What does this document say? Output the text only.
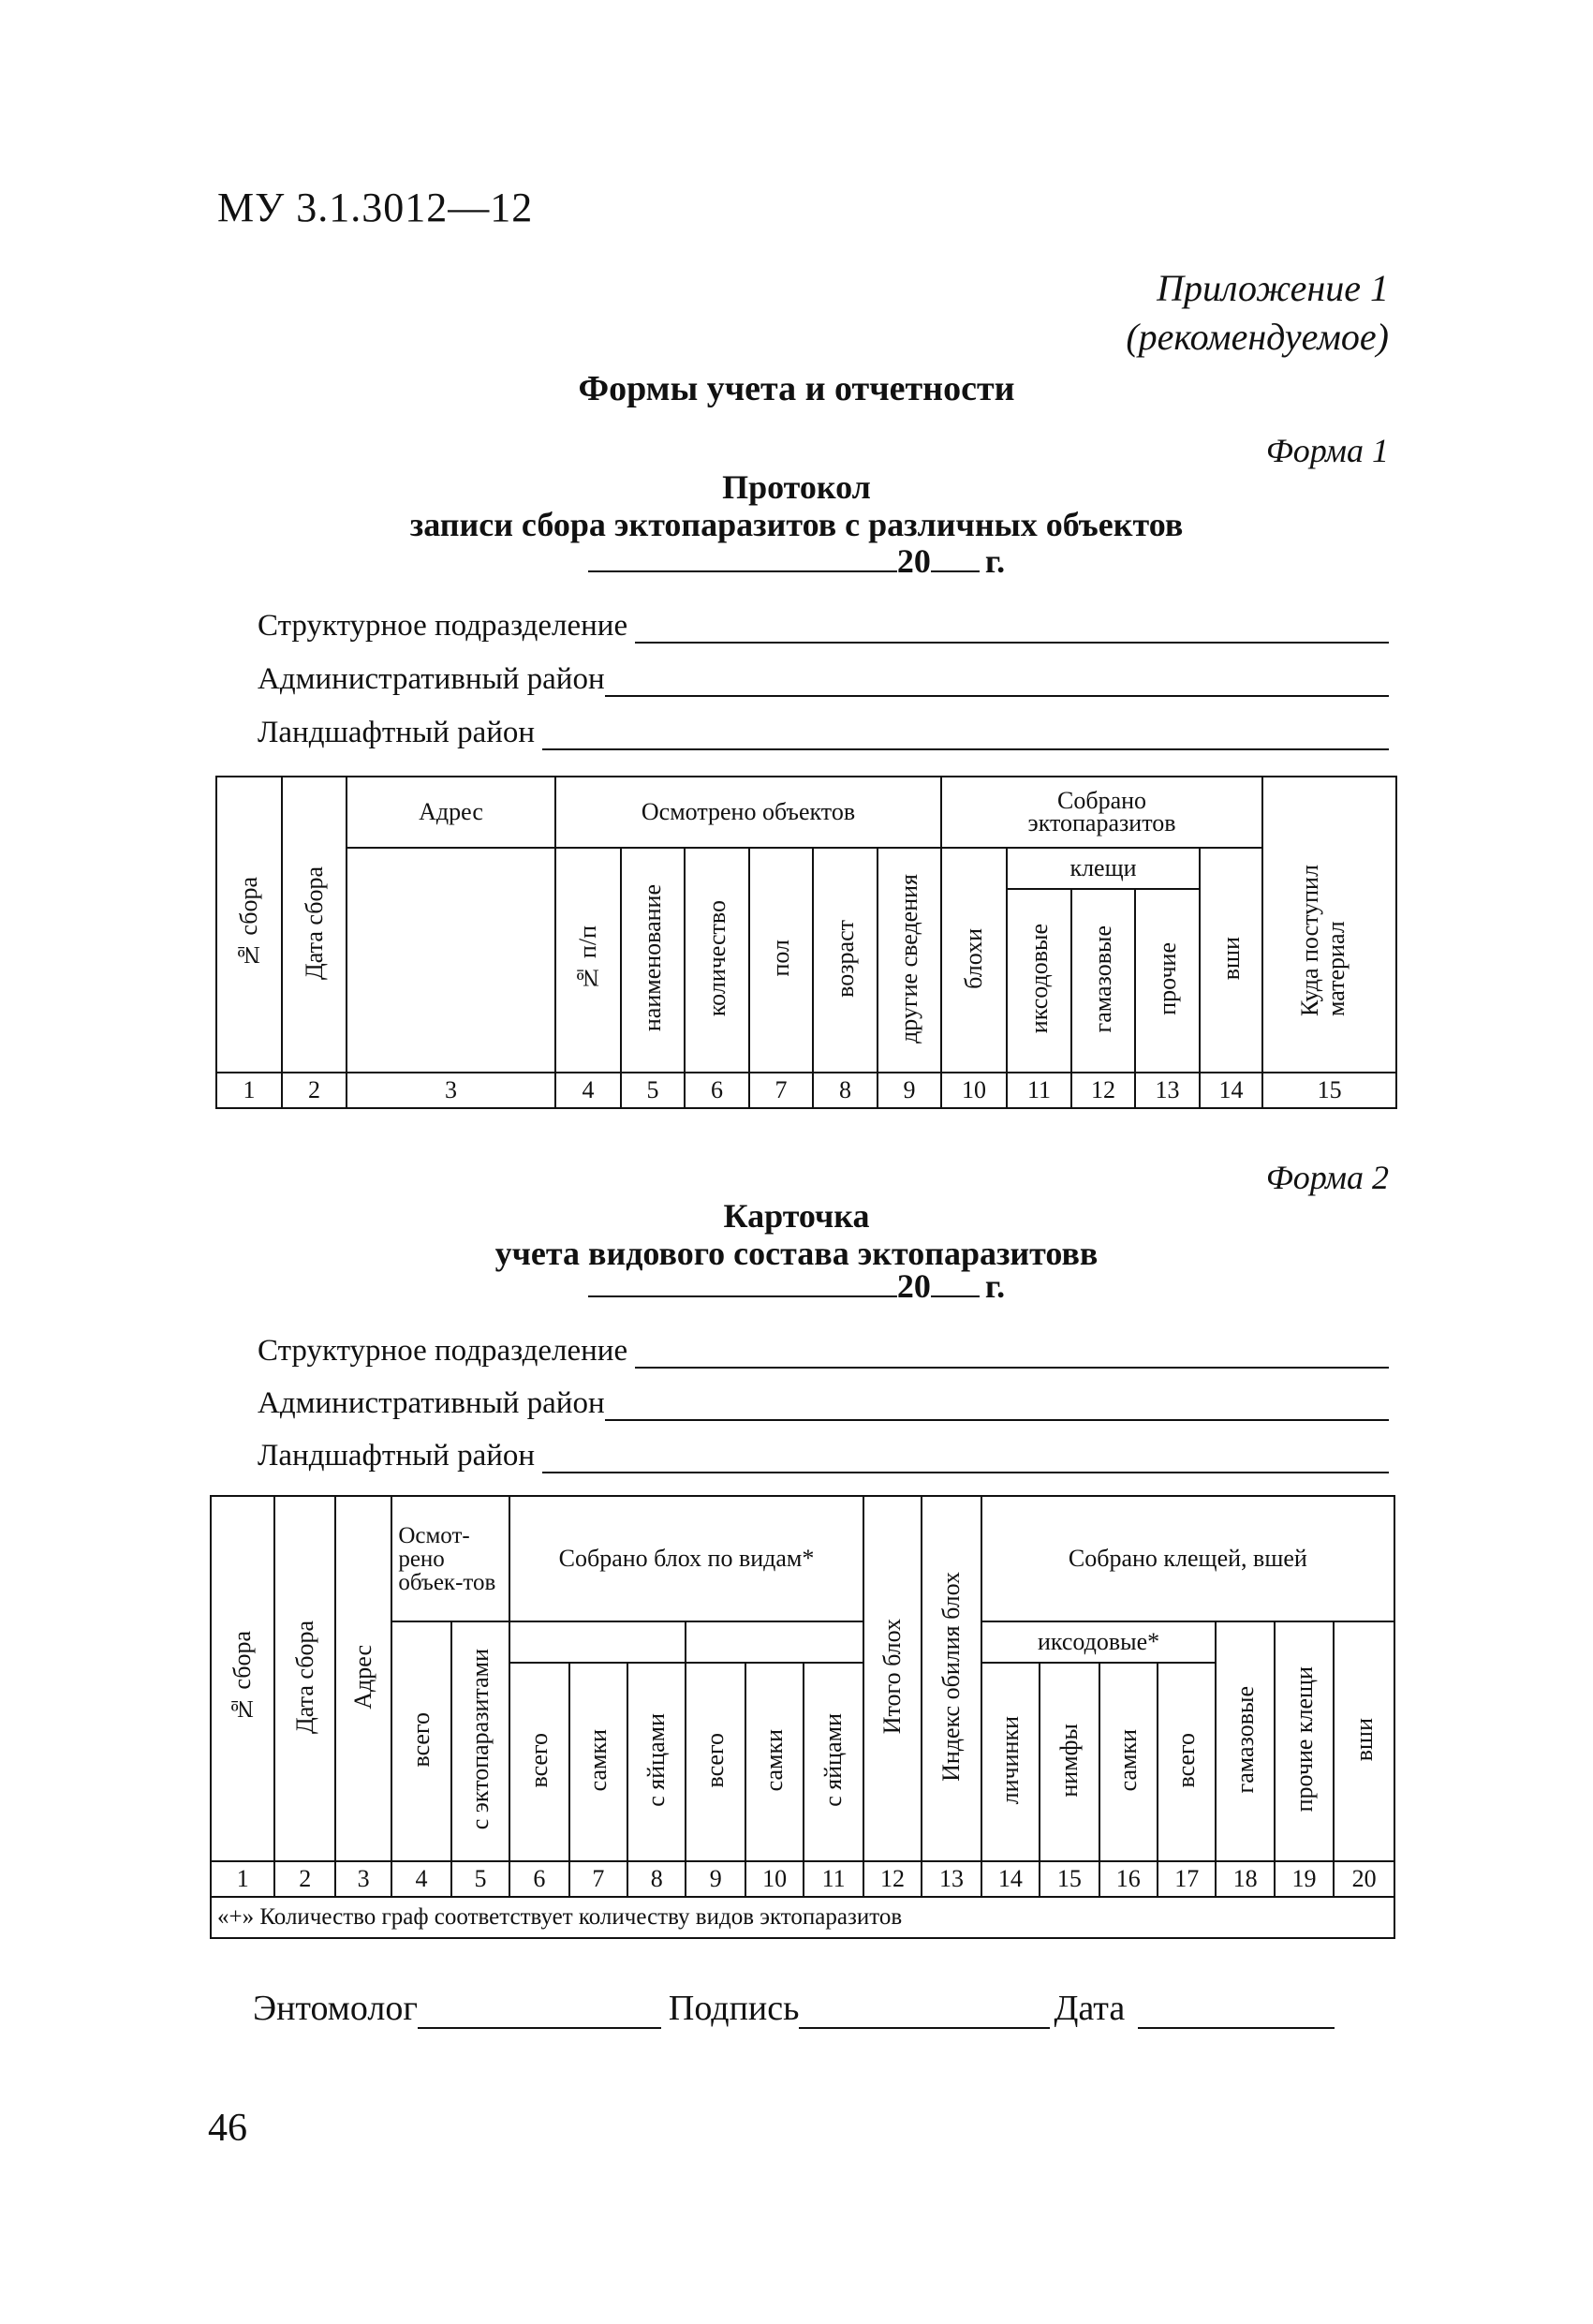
МУ 3.1.3012—12
Приложение 1
(рекомендуемое)
Формы учета и отчетности
Форма 1
Протокол
записи сбора эктопаразитов с различных объектов
20 г.
Структурное подразделение
Административный район
Ландшафтный район
№ сбора	Дата сбора	Адрес	Осмотрено объектов						Собрано эктопаразитов					Куда поступил материал
			№ п/п	наименование	количество	пол	возраст	другие сведения	блохи	клещи			вши	
										иксодовые	гамазовые	прочие		
1	2	3	4	5	6	7	8	9	10	11	12	13	14	15
Форма 2
Карточка
учета видового состава эктопаразитовв
20 г.
Структурное подразделение
Административный район
Ландшафтный район
№ сбора	Дата сбора	Адрес	Осмот-рено объек-тов		Собрано блох по видам*						Итого блох	Индекс обилия блох	Собрано клещей, вшей						
			всего	с эктопаразитами									иксодовые*				гамазовые	прочие клещи	вши
					всего	самки	с яйцами	всего	самки	с яйцами			личинки	нимфы	самки	всего			
1	2	3	4	5	6	7	8	9	10	11	12	13	14	15	16	17	18	19	20
«+» Количество граф соответствует количеству видов эктопаразитов																			
Энтомолог	Подпись	Дата
46
